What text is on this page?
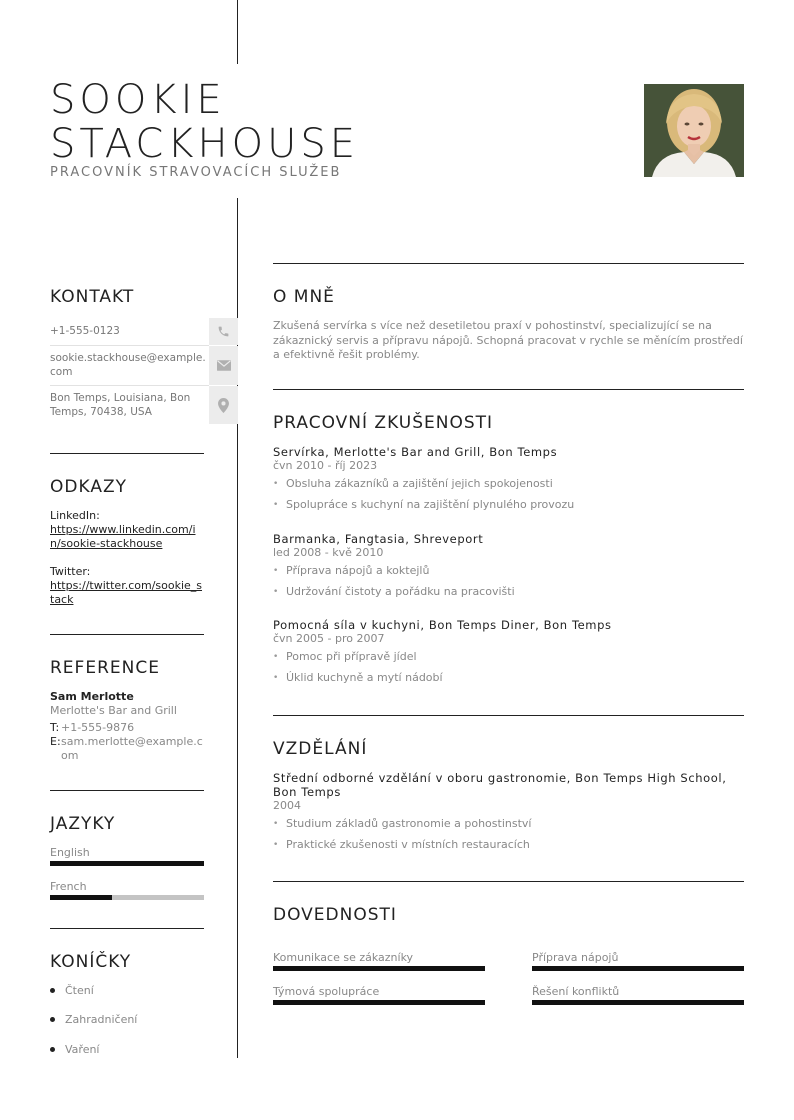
SOOKIE
STACKHOUSE
PRACOVNÍK STRAVOVACÍCH SLUŽEB
KONTAKT
+1-555-0123
sookie.stackhouse@example.com
Bon Temps, Louisiana, Bon Temps, 70438, USA
ODKAZY
LinkedIn:
https://www.linkedin.com/in/sookie-stackhouse
Twitter:
https://twitter.com/sookie_stack
REFERENCE
Sam Merlotte
Merlotte's Bar and Grill
T: +1-555-9876
E: sam.merlotte@example.com
JAZYKY
English
French
KONÍČKY
Čtení
Zahradničení
Vaření
O MNĚ
Zkušená servírka s více než desetiletou praxí v pohostinství, specializující se na zákaznický servis a přípravu nápojů. Schopná pracovat v rychle se měnícím prostředí a efektivně řešit problémy.
PRACOVNÍ ZKUŠENOSTI
Servírka, Merlotte's Bar and Grill, Bon Temps
čvn 2010 - říj 2023
• Obsluha zákazníků a zajištění jejich spokojenosti
• Spolupráce s kuchyní na zajištění plynulého provozu
Barmanka, Fangtasia, Shreveport
led 2008 - kvě 2010
• Příprava nápojů a koktejlů
• Udržování čistoty a pořádku na pracovišti
Pomocná síla v kuchyni, Bon Temps Diner, Bon Temps
čvn 2005 - pro 2007
• Pomoc při přípravě jídel
• Úklid kuchyně a mytí nádobí
VZDĚLÁNÍ
Střední odborné vzdělání v oboru gastronomie, Bon Temps High School, Bon Temps
2004
• Studium základů gastronomie a pohostinství
• Praktické zkušenosti v místních restauracích
DOVEDNOSTI
Komunikace se zákazníky	Příprava nápojů
Týmová spolupráce	Řešení konfliktů
